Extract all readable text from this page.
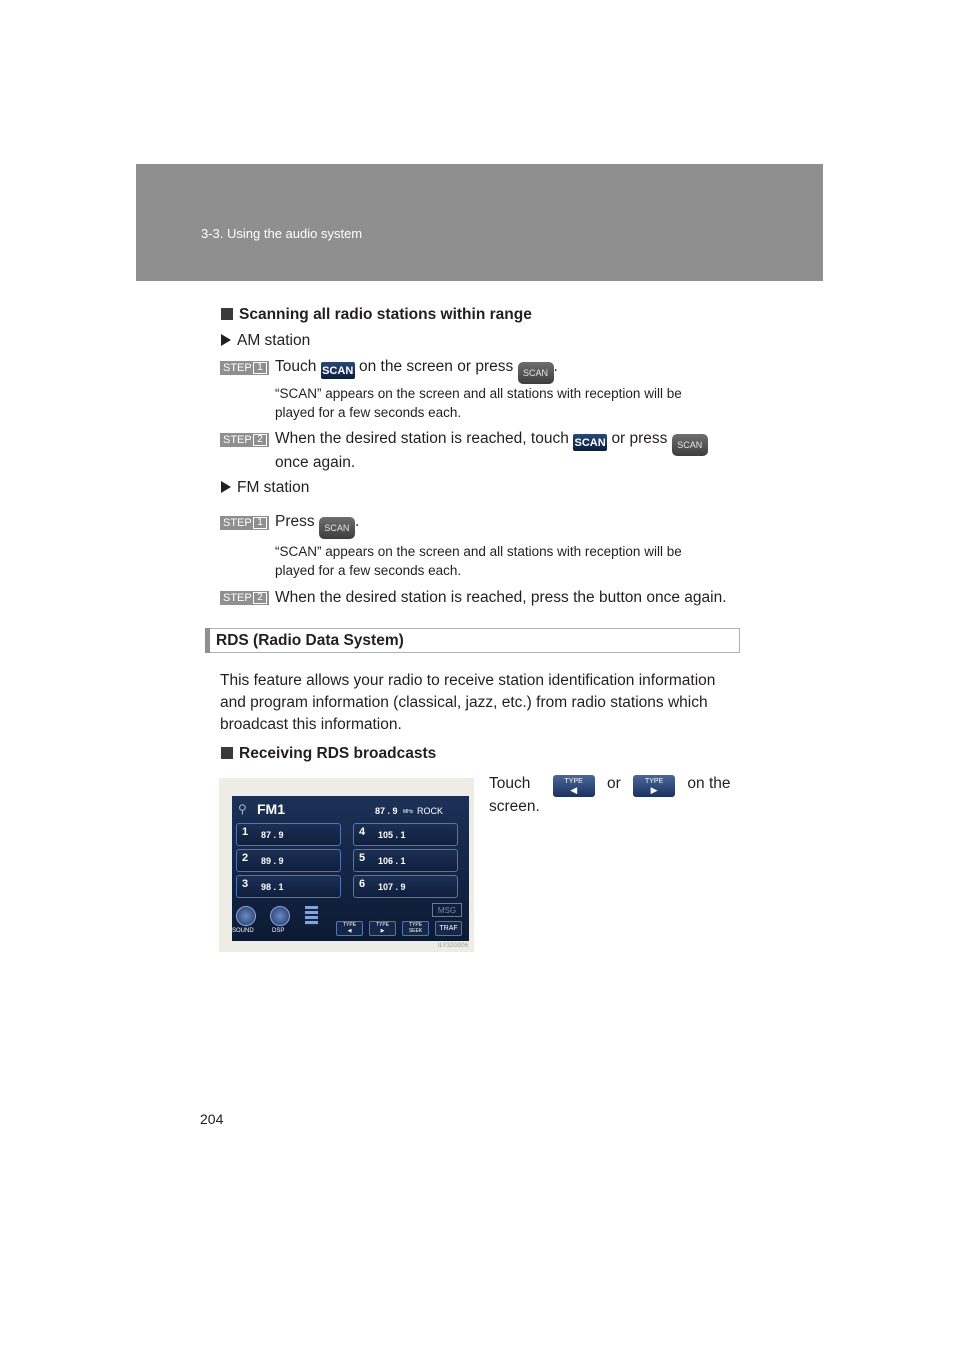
3-3. Using the audio system
Scanning all radio stations within range
AM station
STEP 1 Touch SCAN on the screen or press SCAN .
“SCAN” appears on the screen and all stations with reception will be
played for a few seconds each.
STEP 2 When the desired station is reached, touch SCAN or press SCAN
once again.
FM station
STEP 1 Press SCAN .
“SCAN” appears on the screen and all stations with reception will be
played for a few seconds each.
STEP 2 When the desired station is reached, press the button once again.
RDS (Radio Data System)
This feature allows your radio to receive station identification information
and program information (classical, jazz, etc.) from radio stations which
broadcast this information.
Receiving RDS broadcasts
Touch	TYPE
◀	or	TYPE
▶	on the
screen.
⚲ FM1	87 . 9 MHz ROCK
1 87 . 9
2 89 . 9
3 98 . 1
4 105 . 1
5 106 . 1
6 107 . 9
MSG
SOUND	DSP
TYPE
◀
TYPE
▶
TYPE
SEEK	TRAF
ILY32G006
204
